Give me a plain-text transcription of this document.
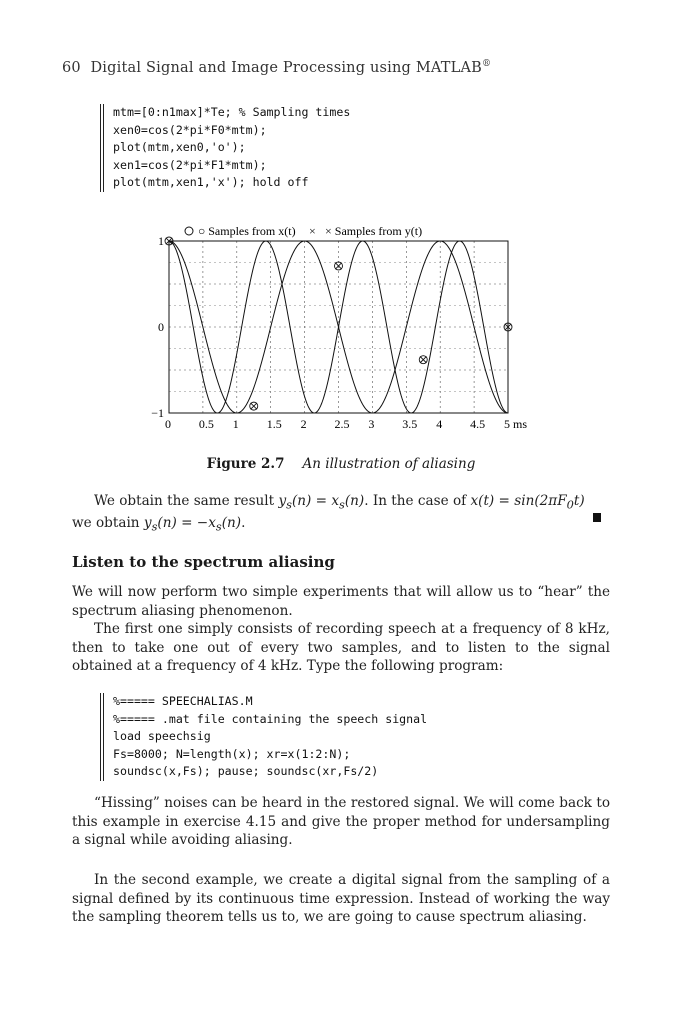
60 Digital Signal and Image Processing using MATLAB®
mtm=[0:n1max]*Te; % Sampling times
xen0=cos(2*pi*F0*mtm);
plot(mtm,xen0,'o');
xen1=cos(2*pi*F1*mtm);
plot(mtm,xen1,'x'); hold off
0 0.5 1 1.5 2 2.5 3 3.5 4 4.5 5 ms
−1
0
1
○ Samples from x(t) × × Samples from y(t)
Figure 2.7 An illustration of aliasing

We obtain the same result $y_s(n) = x_s(n)$. In the case of $x(t) = \sin(2\pi F_0t)$

we obtain $y_s(n) = -x_s(n)$.

Listen to the spectrum aliasing

We will now perform two simple experiments that will allow us to “hear” the spectrum aliasing phenomenon.

The first one simply consists of recording speech at a frequency of 8 kHz, then to take one out of every two samples, and to listen to the signal obtained at a frequency of 4 kHz. Type the following program:

%===== SPEECHALIAS.M
%===== .mat file containing the speech signal
load speechsig
Fs=8000; N=length(x); xr=x(1:2:N);
soundsc(x,Fs); pause; soundsc(xr,Fs/2)

“Hissing” noises can be heard in the restored signal. We will come back to this example in exercise 4.15 and give the proper method for undersampling a signal while avoiding aliasing.

In the second example, we create a digital signal from the sampling of a signal defined by its continuous time expression. Instead of working the way the sampling theorem tells us to, we are going to cause spectrum aliasing.
